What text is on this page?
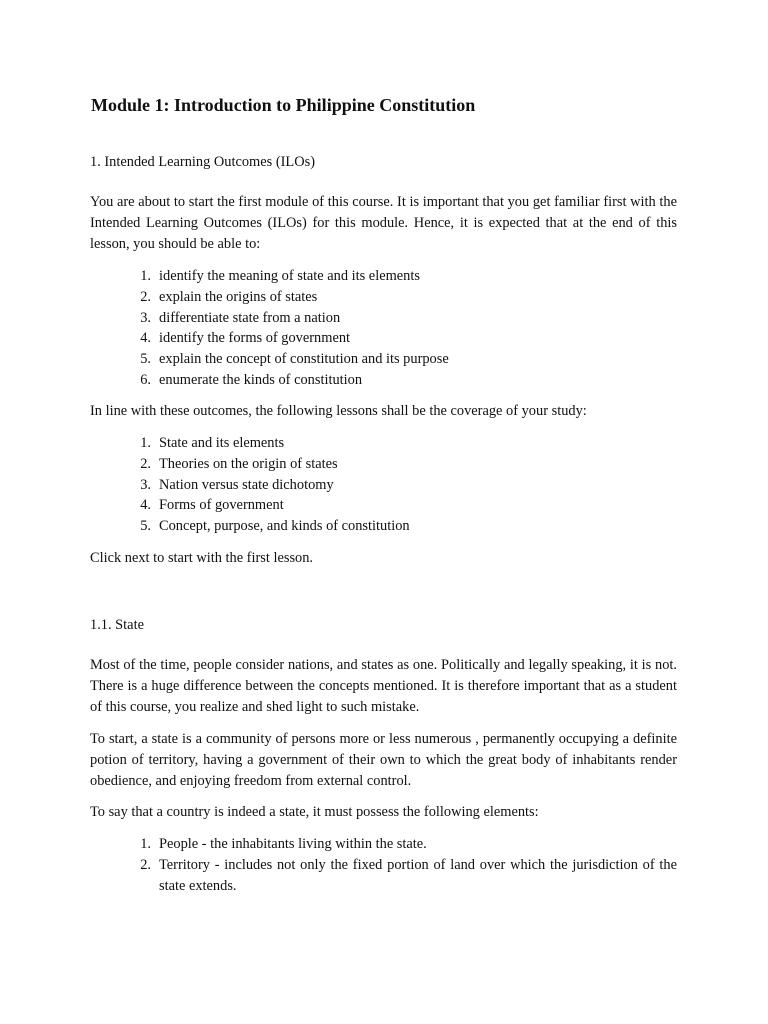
Module 1: Introduction to Philippine Constitution

1. Intended Learning Outcomes (ILOs)

You are about to start the first module of this course. It is important that you get familiar first with the Intended Learning Outcomes (ILOs) for this module. Hence, it is expected that at the end of this lesson, you should be able to:

1. identify the meaning of state and its elements
2. explain the origins of states
3. differentiate state from a nation
4. identify the forms of government
5. explain the concept of constitution and its purpose
6. enumerate the kinds of constitution

In line with these outcomes, the following lessons shall be the coverage of your study:

1. State and its elements
2. Theories on the origin of states
3. Nation versus state dichotomy
4. Forms of government
5. Concept, purpose, and kinds of constitution

Click next to start with the first lesson.

1.1. State

Most of the time, people consider nations, and states as one. Politically and legally speaking, it is not. There is a huge difference between the concepts mentioned. It is therefore important that as a student of this course, you realize and shed light to such mistake.

To start, a state is a community of persons more or less numerous , permanently occupying a definite potion of territory, having a government of their own to which the great body of inhabitants render obedience, and enjoying freedom from external control.

To say that a country is indeed a state, it must possess the following elements:

1. People - the inhabitants living within the state.
2. Territory - includes not only the fixed portion of land over which the jurisdiction of the state extends.
